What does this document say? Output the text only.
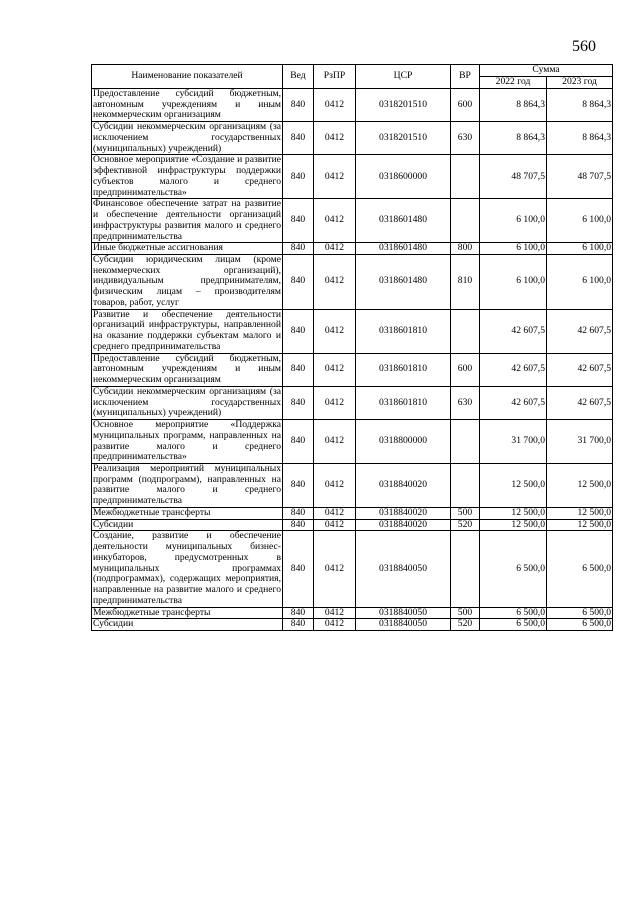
560
Наименование показателей	Вед	РзПР	ЦСР	ВР	Сумма	
					2022 год	2023 год
Предоставление субсидий бюджетным, автономным учреждениям и иным некоммерческим организациям	840	0412	0318201510	600	8 864,3	8 864,3
Субсидии некоммерческим организациям (за исключением государственных (муниципальных) учреждений)	840	0412	0318201510	630	8 864,3	8 864,3
Основное мероприятие «Создание и развитие эффективной инфраструктуры поддержки субъектов малого и среднего предпринимательства»	840	0412	0318600000		48 707,5	48 707,5
Финансовое обеспечение затрат на развитие и обеспечение деятельности организаций инфраструктуры развития малого и среднего предпринимательства	840	0412	0318601480		6 100,0	6 100,0
Иные бюджетные ассигнования	840	0412	0318601480	800	6 100,0	6 100,0
Субсидии юридическим лицам (кроме некоммерческих организаций), индивидуальным предпринимателям, физическим лицам – производителям товаров, работ, услуг	840	0412	0318601480	810	6 100,0	6 100,0
Развитие и обеспечение деятельности организаций инфраструктуры, направленной на оказание поддержки субъектам малого и среднего предпринимательства	840	0412	0318601810		42 607,5	42 607,5
Предоставление субсидий бюджетным, автономным учреждениям и иным некоммерческим организациям	840	0412	0318601810	600	42 607,5	42 607,5
Субсидии некоммерческим организациям (за исключением государственных (муниципальных) учреждений)	840	0412	0318601810	630	42 607,5	42 607,5
Основное мероприятие «Поддержка муниципальных программ, направленных на развитие малого и среднего предпринимательства»	840	0412	0318800000		31 700,0	31 700,0
Реализация мероприятий муниципальных программ (подпрограмм), направленных на развитие малого и среднего предпринимательства	840	0412	0318840020		12 500,0	12 500,0
Межбюджетные трансферты	840	0412	0318840020	500	12 500,0	12 500,0
Субсидии	840	0412	0318840020	520	12 500,0	12 500,0
Создание, развитие и обеспечение деятельности муниципальных бизнес-инкубаторов, предусмотренных в муниципальных программах (подпрограммах), содержащих мероприятия, направленные на развитие малого и среднего предпринимательства	840	0412	0318840050		6 500,0	6 500,0
Межбюджетные трансферты	840	0412	0318840050	500	6 500,0	6 500,0
Субсидии	840	0412	0318840050	520	6 500,0	6 500,0
